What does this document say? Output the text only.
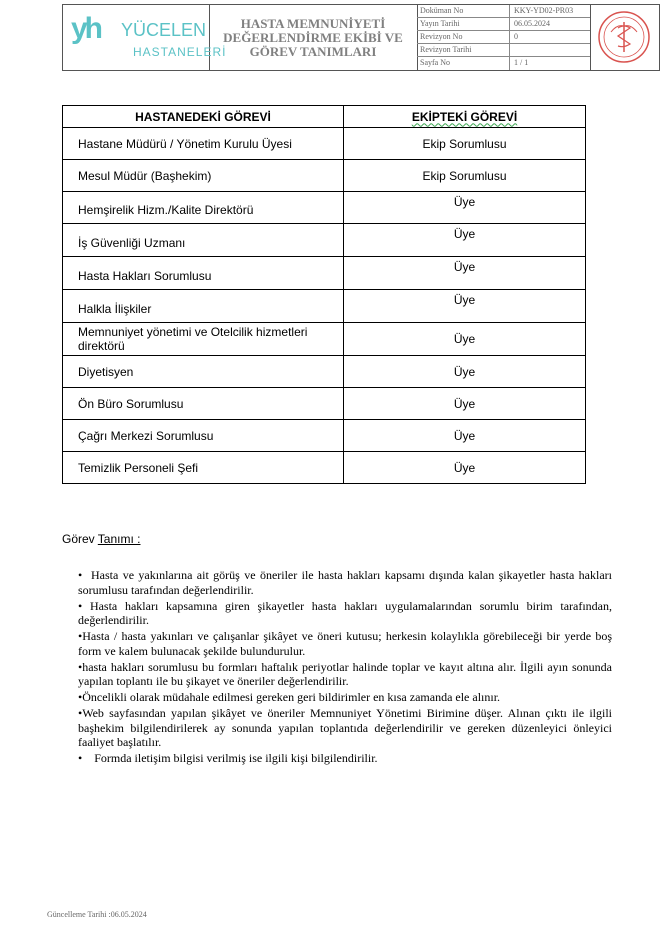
yh YÜCELEN
HASTANELERİ
HASTA MEMNUNİYETİ
DEĞERLENDİRME EKİBİ VE
GÖREV TANIMLARI
Doküman No	KKY-YD02-PR03
Yayın Tarihi	06.05.2024
Revizyon No	0
Revizyon Tarihi
Sayfa No	1 / 1
HASTANEDEKİ GÖREVİ	EKİPTEKİ GÖREVİ
Hastane Müdürü / Yönetim Kurulu Üyesi	Ekip Sorumlusu
Mesul Müdür (Başhekim)	Ekip Sorumlusu
Hemşirelik Hizm./Kalite Direktörü	Üye
İş Güvenliği Uzmanı	Üye
Hasta Hakları Sorumlusu	Üye
Halkla İlişkiler	Üye
Memnuniyet yönetimi ve Otelcilik hizmetleri direktörü	Üye
Diyetisyen	Üye
Ön Büro Sorumlusu	Üye
Çağrı Merkezi Sorumlusu	Üye
Temizlik Personeli Şefi	Üye
Görev Tanımı :

•  Hasta ve yakınlarına ait görüş ve öneriler ile hasta hakları kapsamı dışında kalan şikayetler hasta hakları sorumlusu tarafından değerlendirilir.

• Hasta hakları kapsamına giren şikayetler hasta hakları uygulamalarından sorumlu birim tarafından, değerlendirilir.

•Hasta / hasta yakınları ve çalışanlar şikâyet ve öneri kutusu; herkesin kolaylıkla görebileceği bir yerde boş form ve kalem bulunacak şekilde bulundurulur.

•hasta hakları sorumlusu bu formları haftalık periyotlar halinde toplar ve kayıt altına alır. İlgili ayın sonunda yapılan toplantı ile bu şikayet ve öneriler değerlendirilir.

•Öncelikli olarak müdahale edilmesi gereken geri bildirimler en kısa zamanda ele alınır.

•Web sayfasından yapılan şikâyet ve öneriler Memnuniyet Yönetimi Birimine düşer. Alınan çıktı ile ilgili başhekim bilgilendirilerek ay sonunda yapılan toplantıda değerlendirilir ve gereken düzenleyici önleyici faaliyet başlatılır.

•    Formda iletişim bilgisi verilmiş ise ilgili kişi bilgilendirilir.

Güncelleme Tarihi :06.05.2024
